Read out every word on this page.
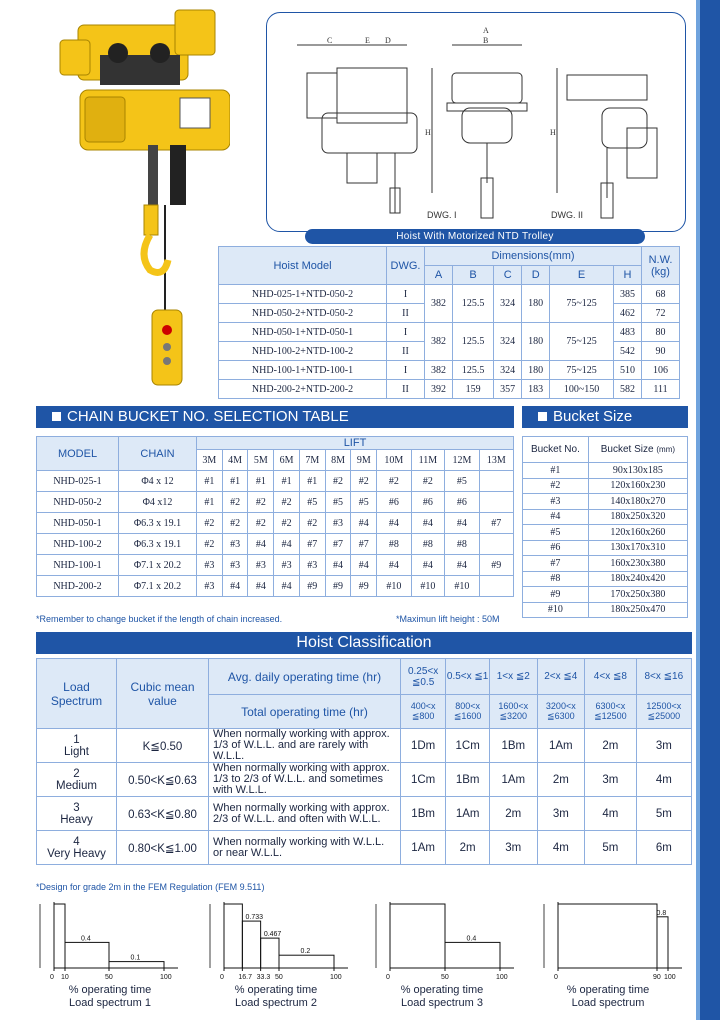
C	E D
A
B
H	H
DWG. I	DWG. II
Hoist With Motorized NTD Trolley
Hoist Model	DWG.	Dimensions(mm)						N.W.
(kg)
		A	B	C	D	E	H	
NHD-025-1+NTD-050-2	I	382	125.5	324	180	75~125	385	68
NHD-050-2+NTD-050-2	II						462	72
NHD-050-1+NTD-050-1	I	382	125.5	324	180	75~125	483	80
NHD-100-2+NTD-100-2	II						542	90
NHD-100-1+NTD-100-1	I	382	125.5	324	180	75~125	510	106
NHD-200-2+NTD-200-2	II	392	159	357	183	100~150	582	111
CHAIN BUCKET NO. SELECTION TABLE	Bucket Size
MODEL	CHAIN	LIFT										
		3M	4M	5M	6M	7M	8M	9M	10M	11M	12M	13M
NHD-025-1	Φ4 x 12	#1	#1	#1	#1	#1	#2	#2	#2	#2	#5	
NHD-050-2	Φ4 x12	#1	#2	#2	#2	#5	#5	#5	#6	#6	#6	
NHD-050-1	Φ6.3 x 19.1	#2	#2	#2	#2	#2	#3	#4	#4	#4	#4	#7
NHD-100-2	Φ6.3 x 19.1	#2	#3	#4	#4	#7	#7	#7	#8	#8	#8	
NHD-100-1	Φ7.1 x 20.2	#3	#3	#3	#3	#3	#4	#4	#4	#4	#4	#9
NHD-200-2	Φ7.1 x 20.2	#3	#4	#4	#4	#9	#9	#9	#10	#10	#10	
Bucket No.	Bucket Size (mm)
#1	90x130x185
#2	120x160x230
#3	140x180x270
#4	180x250x320
#5	120x160x260
#6	130x170x310
#7	160x230x380
#8	180x240x420
#9	170x250x380
#10	180x250x470
*Remember to change bucket if the length of chain increased.	*Maximun lift height : 50M
Hoist Classification
Load Spectrum	Cubic mean value	Avg. daily operating time (hr)	0.25<x ≦0.5	0.5<x ≦1	1<x ≦2	2<x ≦4	4<x ≦8	8<x ≦16
		Total operating time (hr)	400<x ≦800	800<x ≦1600	1600<x ≦3200	3200<x ≦6300	6300<x ≦12500	12500<x ≦25000
1
Light	K≦0.50	When normally working with approx. 1/3 of W.L.L. and are rarely with W.L.L.	1Dm	1Cm	1Bm	1Am	2m	3m
2
Medium	0.50<K≦0.63	When normally working with approx. 1/3 to 2/3 of W.L.L. and sometimes with W.L.L.	1Cm	1Bm	1Am	2m	3m	4m
3
Heavy	0.63<K≦0.80	When normally working with approx. 2/3 of W.L.L. and often with W.L.L.	1Bm	1Am	2m	3m	4m	5m
4
Very Heavy	0.80<K≦1.00	When normally working with W.L.L. or near W.L.L.	1Am	2m	3m	4m	5m	6m
*Design for grade 2m in the FEM Regulation (FEM 9.511)
0.4
0.1
0 10	50	100
0.733
0.467
0.2
0 16.7 33.3 50	100
0.4
0	50	100
0.8
0	90 100
% operating time
Load spectrum 1
% operating time
Load spectrum 2
% operating time
Load spectrum 3
% operating time
Load spectrum
